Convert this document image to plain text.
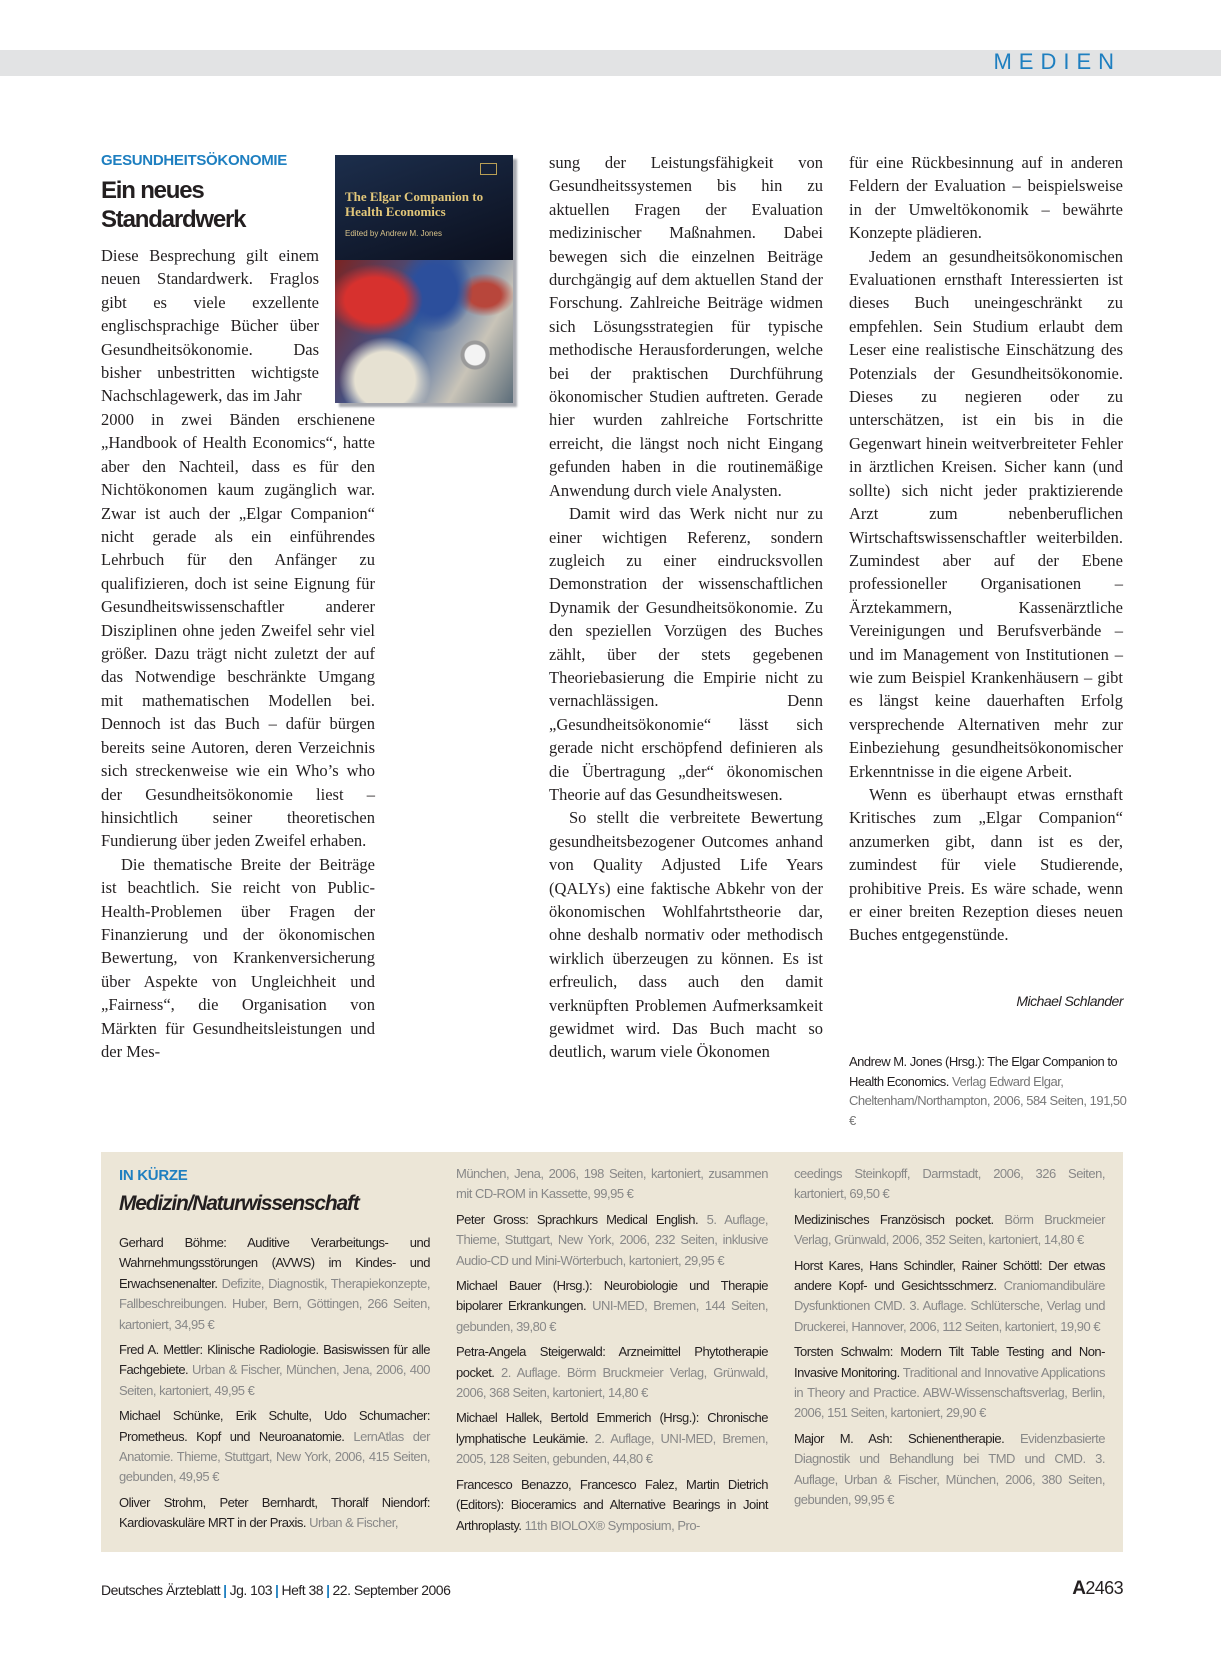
MEDIEN
GESUNDHEITSÖKONOMIE
Ein neues Standardwerk
The Elgar Companion to Health Economics
Edited by Andrew M. Jones

Diese Besprechung gilt einem neuen Standardwerk. Fraglos gibt es viele exzellente englischsprachige Bücher über Gesundheitsökonomie. Das bisher unbestritten wichtigste Nachschlagewerk, das im Jahr

2000 in zwei Bänden erschienene „Handbook of Health Economics“, hatte aber den Nachteil, dass es für den Nichtökonomen kaum zugänglich war. Zwar ist auch der „Elgar Companion“ nicht gerade als ein einführendes Lehrbuch für den Anfänger zu qualifizieren, doch ist seine Eignung für Gesundheitswissenschaftler anderer Disziplinen ohne jeden Zweifel sehr viel größer. Dazu trägt nicht zuletzt der auf das Notwendige beschränkte Umgang mit mathematischen Modellen bei. Dennoch ist das Buch – dafür bürgen bereits seine Autoren, deren Verzeichnis sich streckenweise wie ein Who’s who der Gesundheitsökonomie liest – hinsichtlich seiner theoretischen Fundierung über jeden Zweifel erhaben.

Die thematische Breite der Beiträge ist beachtlich. Sie reicht von Public-Health-Problemen über Fragen der Finanzierung und der ökonomischen Bewertung, von Krankenversicherung über Aspekte von Ungleichheit und „Fairness“, die Organisation von Märkten für Gesundheitsleistungen und der Mes-

sung der Leistungsfähigkeit von Gesundheitssystemen bis hin zu aktuellen Fragen der Evaluation medizinischer Maßnahmen. Dabei bewegen sich die einzelnen Beiträge durchgängig auf dem aktuellen Stand der Forschung. Zahlreiche Beiträge widmen sich Lösungsstrategien für typische methodische Herausforderungen, welche bei der praktischen Durchführung ökonomischer Studien auftreten. Gerade hier wurden zahlreiche Fortschritte erreicht, die längst noch nicht Eingang gefunden haben in die routinemäßige Anwendung durch viele Analysten.

Damit wird das Werk nicht nur zu einer wichtigen Referenz, sondern zugleich zu einer eindrucksvollen Demonstration der wissenschaftlichen Dynamik der Gesundheitsökonomie. Zu den speziellen Vorzügen des Buches zählt, über der stets gegebenen Theoriebasierung die Empirie nicht zu vernachlässigen. Denn „Gesundheitsökonomie“ lässt sich gerade nicht erschöpfend definieren als die Übertragung „der“ ökonomischen Theorie auf das Gesundheitswesen.

So stellt die verbreitete Bewertung gesundheitsbezogener Outcomes anhand von Quality Adjusted Life Years (QALYs) eine faktische Abkehr von der ökonomischen Wohlfahrtstheorie dar, ohne deshalb normativ oder methodisch wirklich überzeugen zu können. Es ist erfreulich, dass auch den damit verknüpften Problemen Aufmerksamkeit gewidmet wird. Das Buch macht so deutlich, warum viele Ökonomen

für eine Rückbesinnung auf in anderen Feldern der Evaluation – beispielsweise in der Umweltökonomik – bewährte Konzepte plädieren.

Jedem an gesundheitsökonomischen Evaluationen ernsthaft Interessierten ist dieses Buch uneingeschränkt zu empfehlen. Sein Studium erlaubt dem Leser eine realistische Einschätzung des Potenzials der Gesundheitsökonomie. Dieses zu negieren oder zu unterschätzen, ist ein bis in die Gegenwart hinein weitverbreiteter Fehler in ärztlichen Kreisen. Sicher kann (und sollte) sich nicht jeder praktizierende Arzt zum nebenberuflichen Wirtschaftswissenschaftler weiterbilden. Zumindest aber auf der Ebene professioneller Organisationen – Ärztekammern, Kassenärztliche Vereinigungen und Berufsverbände – und im Management von Institutionen – wie zum Beispiel Krankenhäusern – gibt es längst keine dauerhaften Erfolg versprechende Alternativen mehr zur Einbeziehung gesundheitsökonomischer Erkenntnisse in die eigene Arbeit.

Wenn es überhaupt etwas ernsthaft Kritisches zum „Elgar Companion“ anzumerken gibt, dann ist es der, zumindest für viele Studierende, prohibitive Preis. Es wäre schade, wenn er einer breiten Rezeption dieses neuen Buches entgegenstünde.

Michael Schlander
Andrew M. Jones (Hrsg.): The Elgar Companion to Health Economics. Verlag Edward Elgar, Cheltenham/Northampton, 2006, 584 Seiten, 191,50 €
IN KÜRZE
Medizin/Naturwissenschaft

Gerhard Böhme: Auditive Verarbeitungs- und Wahrnehmungsstörungen (AVWS) im Kindes- und Erwachsenenalter. Defizite, Diagnostik, Therapiekonzepte, Fallbeschreibungen. Huber, Bern, Göttingen, 266 Seiten, kartoniert, 34,95 €

Fred A. Mettler: Klinische Radiologie. Basiswissen für alle Fachgebiete. Urban & Fischer, München, Jena, 2006, 400 Seiten, kartoniert, 49,95 €

Michael Schünke, Erik Schulte, Udo Schumacher: Prometheus. Kopf und Neuroanatomie. LernAtlas der Anatomie. Thieme, Stuttgart, New York, 2006, 415 Seiten, gebunden, 49,95 €

Oliver Strohm, Peter Bernhardt, Thoralf Niendorf: Kardiovaskuläre MRT in der Praxis. Urban & Fischer,

München, Jena, 2006, 198 Seiten, kartoniert, zusammen mit CD-ROM in Kassette, 99,95 €

Peter Gross: Sprachkurs Medical English. 5. Auflage, Thieme, Stuttgart, New York, 2006, 232 Seiten, inklusive Audio-CD und Mini-Wörterbuch, kartoniert, 29,95 €

Michael Bauer (Hrsg.): Neurobiologie und Therapie bipolarer Erkrankungen. UNI-MED, Bremen, 144 Seiten, gebunden, 39,80 €

Petra-Angela Steigerwald: Arzneimittel Phytotherapie pocket. 2. Auflage. Börm Bruckmeier Verlag, Grünwald, 2006, 368 Seiten, kartoniert, 14,80 €

Michael Hallek, Bertold Emmerich (Hrsg.): Chronische lymphatische Leukämie. 2. Auflage, UNI-MED, Bremen, 2005, 128 Seiten, gebunden, 44,80 €

Francesco Benazzo, Francesco Falez, Martin Dietrich (Editors): Bioceramics and Alternative Bearings in Joint Arthroplasty. 11th BIOLOX® Symposium, Pro-

ceedings Steinkopff, Darmstadt, 2006, 326 Seiten, kartoniert, 69,50 €

Medizinisches Französisch pocket. Börm Bruckmeier Verlag, Grünwald, 2006, 352 Seiten, kartoniert, 14,80 €

Horst Kares, Hans Schindler, Rainer Schöttl: Der etwas andere Kopf- und Gesichtsschmerz. Craniomandibuläre Dysfunktionen CMD. 3. Auflage. Schlütersche, Verlag und Druckerei, Hannover, 2006, 112 Seiten, kartoniert, 19,90 €

Torsten Schwalm: Modern Tilt Table Testing and Non-Invasive Monitoring. Traditional and Innovative Applications in Theory and Practice. ABW-Wissenschaftsverlag, Berlin, 2006, 151 Seiten, kartoniert, 29,90 €

Major M. Ash: Schienentherapie. Evidenzbasierte Diagnostik und Behandlung bei TMD und CMD. 3. Auflage, Urban & Fischer, München, 2006, 380 Seiten, gebunden, 99,95 €

Deutsches Ärzteblatt | Jg. 103 | Heft 38 | 22. September 2006	A2463
